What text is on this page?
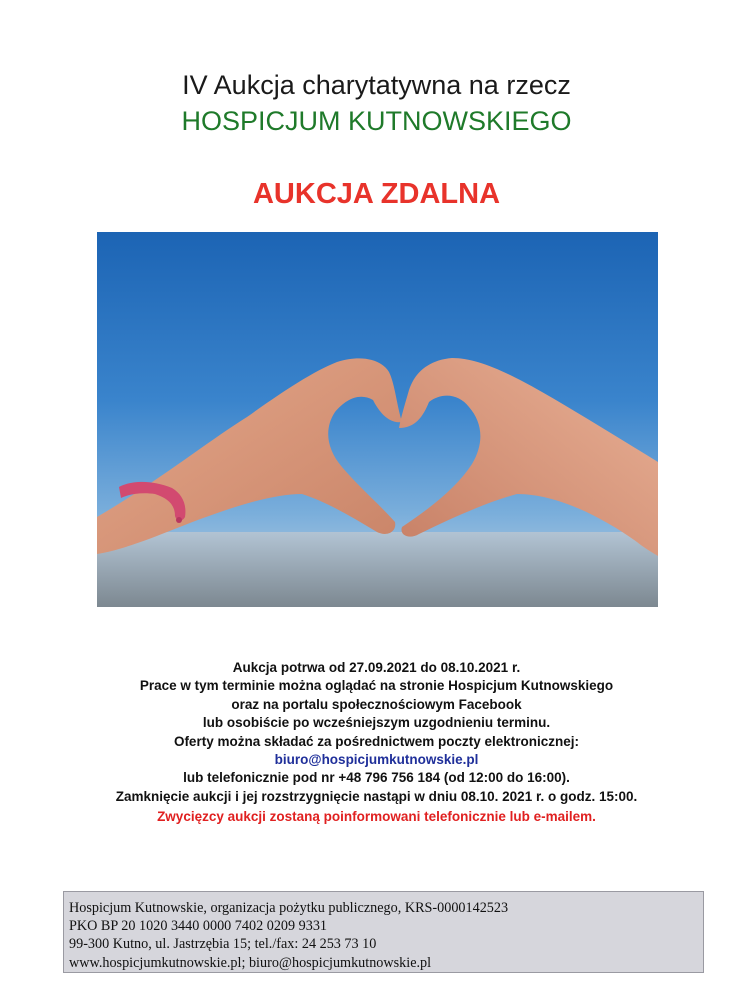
IV Aukcja charytatywna na rzecz
HOSPICJUM KUTNOWSKIEGO
AUKCJA ZDALNA
Aukcja potrwa od 27.09.2021 do 08.10.2021 r.
Prace w tym terminie można oglądać na stronie Hospicjum Kutnowskiego
oraz na portalu społecznościowym Facebook
lub osobiście po wcześniejszym uzgodnieniu terminu.
Oferty można składać za pośrednictwem poczty elektronicznej:
biuro@hospicjumkutnowskie.pl
lub telefonicznie pod nr +48 796 756 184 (od 12:00 do 16:00).
Zamknięcie aukcji i jej rozstrzygnięcie nastąpi w dniu 08.10. 2021 r. o godz. 15:00.
Zwycięzcy aukcji zostaną poinformowani telefonicznie lub e-mailem.
Hospicjum Kutnowskie, organizacja pożytku publicznego, KRS-0000142523
PKO BP 20 1020 3440 0000 7402 0209 9331
99-300 Kutno, ul. Jastrzębia 15; tel./fax: 24 253 73 10
www.hospicjumkutnowskie.pl; biuro@hospicjumkutnowskie.pl
